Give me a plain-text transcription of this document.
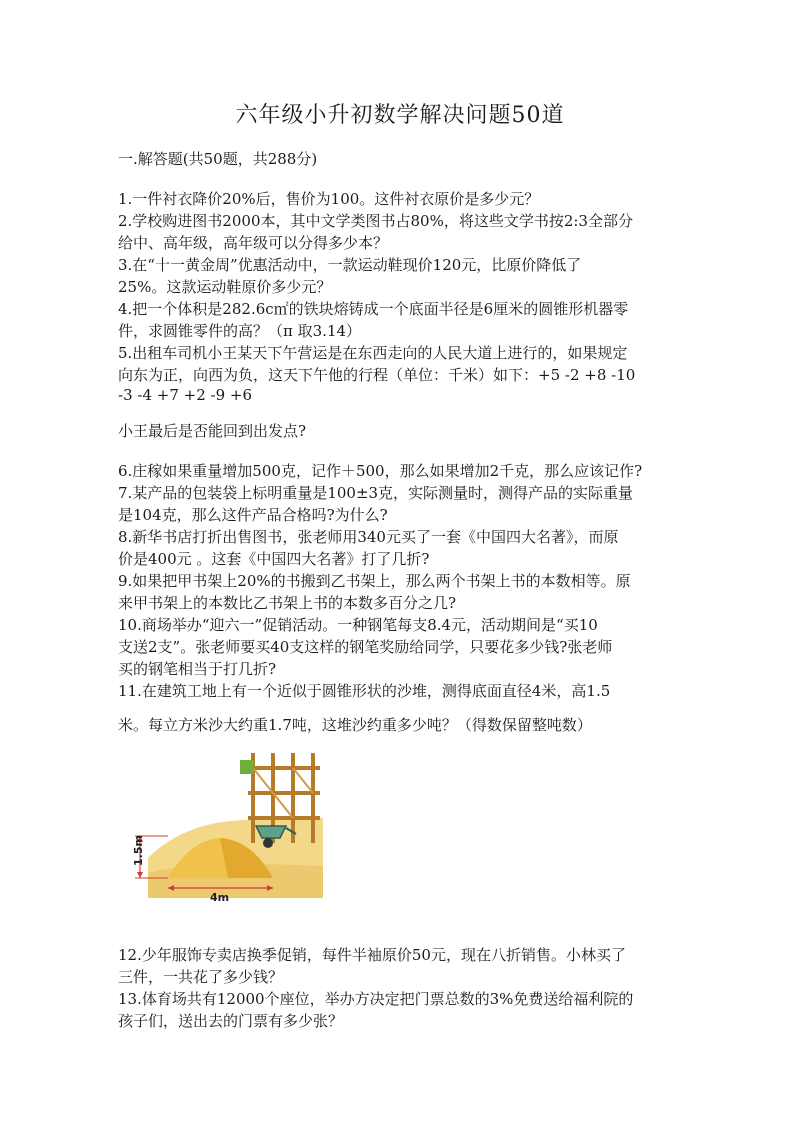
六年级小升初数学解决问题50道
一.解答题(共50题，共288分)
1.一件衬衣降价20%后，售价为100。这件衬衣原价是多少元？
2.学校购进图书2000本，其中文学类图书占80%，将这些文学书按2:3全部分
给中、高年级，高年级可以分得多少本？
3.在“十一黄金周”优惠活动中，一款运动鞋现价120元，比原价降低了
25%。这款运动鞋原价多少元？
4.把一个体积是282.6c㎡的铁块熔铸成一个底面半径是6厘米的圆锥形机器零
件，求圆锥零件的高？（π 取3.14）
5.出租车司机小王某天下午营运是在东西走向的人民大道上进行的，如果规定
向东为正，向西为负，这天下午他的行程（单位：千米）如下：+5 -2 +8 -10
-3 -4 +7 +2 -9 +6
小王最后是否能回到出发点?
6.庄稼如果重量增加500克，记作＋500，那么如果增加2千克，那么应该记作?
7.某产品的包装袋上标明重量是100±3克，实际测量时，测得产品的实际重量
是104克，那么这件产品合格吗?为什么?
8.新华书店打折出售图书，张老师用340元买了一套《中国四大名著》，而原
价是400元 。这套《中国四大名著》打了几折?
9.如果把甲书架上20%的书搬到乙书架上，那么两个书架上书的本数相等。原
来甲书架上的本数比乙书架上书的本数多百分之几?
10.商场举办“迎六一”促销活动。一种钢笔每支8.4元，活动期间是“买10
支送2支”。张老师要买40支这样的钢笔奖励给同学，只要花多少钱?张老师
买的钢笔相当于打几折?
11.在建筑工地上有一个近似于圆锥形状的沙堆，测得底面直径4米，高1.5
米。每立方米沙大约重1.7吨，这堆沙约重多少吨？（得数保留整吨数）
1.5m
4m
12.少年服饰专卖店换季促销，每件半袖原价50元，现在八折销售。小林买了
三件，一共花了多少钱？
13.体育场共有12000个座位，举办方决定把门票总数的3%免费送给福利院的
孩子们，送出去的门票有多少张？
